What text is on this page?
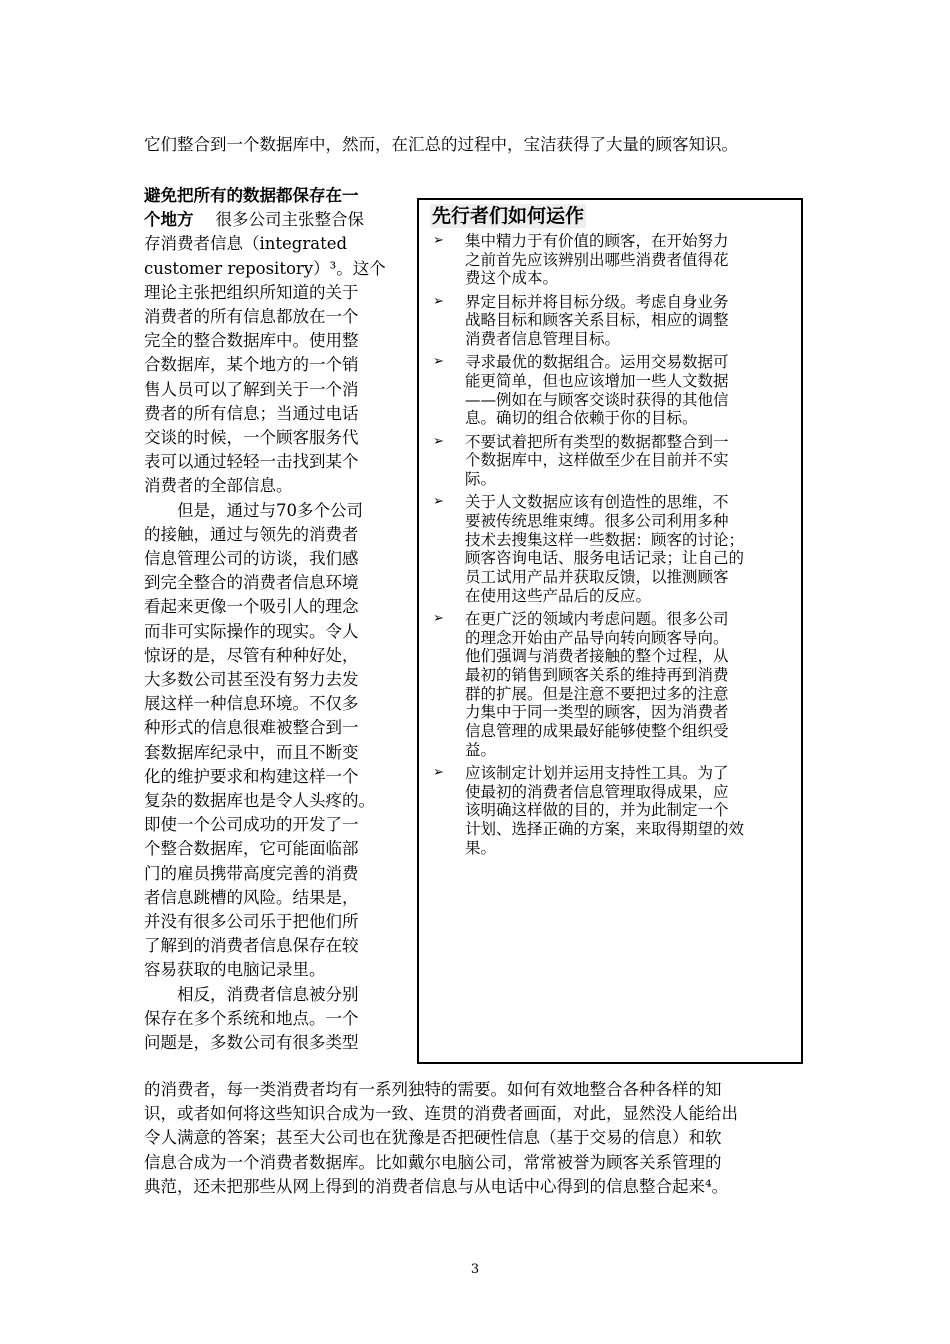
它们整合到一个数据库中，然而，在汇总的过程中，宝洁获得了大量的顾客知识。
避免把所有的数据都保存在一
个地方 很多公司主张整合保
存消费者信息（integrated
customer repository）³。这个
理论主张把组织所知道的关于
消费者的所有信息都放在一个
完全的整合数据库中。使用整
合数据库，某个地方的一个销
售人员可以了解到关于一个消
费者的所有信息；当通过电话
交谈的时候，一个顾客服务代
表可以通过轻轻一击找到某个
消费者的全部信息。
但是，通过与70多个公司
的接触，通过与领先的消费者
信息管理公司的访谈，我们感
到完全整合的消费者信息环境
看起来更像一个吸引人的理念
而非可实际操作的现实。令人
惊讶的是，尽管有种种好处，
大多数公司甚至没有努力去发
展这样一种信息环境。不仅多
种形式的信息很难被整合到一
套数据库纪录中，而且不断变
化的维护要求和构建这样一个
复杂的数据库也是令人头疼的。
即使一个公司成功的开发了一
个整合数据库，它可能面临部
门的雇员携带高度完善的消费
者信息跳槽的风险。结果是，
并没有很多公司乐于把他们所
了解到的消费者信息保存在较
容易获取的电脑记录里。
相反，消费者信息被分别
保存在多个系统和地点。一个
问题是，多数公司有很多类型
先行者们如何运作
➢ 集中精力于有价值的顾客，在开始努力
之前首先应该辨别出哪些消费者值得花
费这个成本。
➢ 界定目标并将目标分级。考虑自身业务
战略目标和顾客关系目标，相应的调整
消费者信息管理目标。
➢ 寻求最优的数据组合。运用交易数据可
能更简单，但也应该增加一些人文数据
——例如在与顾客交谈时获得的其他信
息。确切的组合依赖于你的目标。
➢ 不要试着把所有类型的数据都整合到一
个数据库中，这样做至少在目前并不实
际。
➢ 关于人文数据应该有创造性的思维，不
要被传统思维束缚。很多公司利用多种
技术去搜集这样一些数据：顾客的讨论；
顾客咨询电话、服务电话记录；让自己的
员工试用产品并获取反馈，以推测顾客
在使用这些产品后的反应。
➢ 在更广泛的领域内考虑问题。很多公司
的理念开始由产品导向转向顾客导向。
他们强调与消费者接触的整个过程，从
最初的销售到顾客关系的维持再到消费
群的扩展。但是注意不要把过多的注意
力集中于同一类型的顾客，因为消费者
信息管理的成果最好能够使整个组织受
益。
➢ 应该制定计划并运用支持性工具。为了
使最初的消费者信息管理取得成果，应
该明确这样做的目的，并为此制定一个
计划、选择正确的方案，来取得期望的效
果。
的消费者，每一类消费者均有一系列独特的需要。如何有效地整合各种各样的知
识，或者如何将这些知识合成为一致、连贯的消费者画面，对此，显然没人能给出
令人满意的答案；甚至大公司也在犹豫是否把硬性信息（基于交易的信息）和软
信息合成为一个消费者数据库。比如戴尔电脑公司，常常被誉为顾客关系管理的
典范，还未把那些从网上得到的消费者信息与从电话中心得到的信息整合起来⁴。
3
